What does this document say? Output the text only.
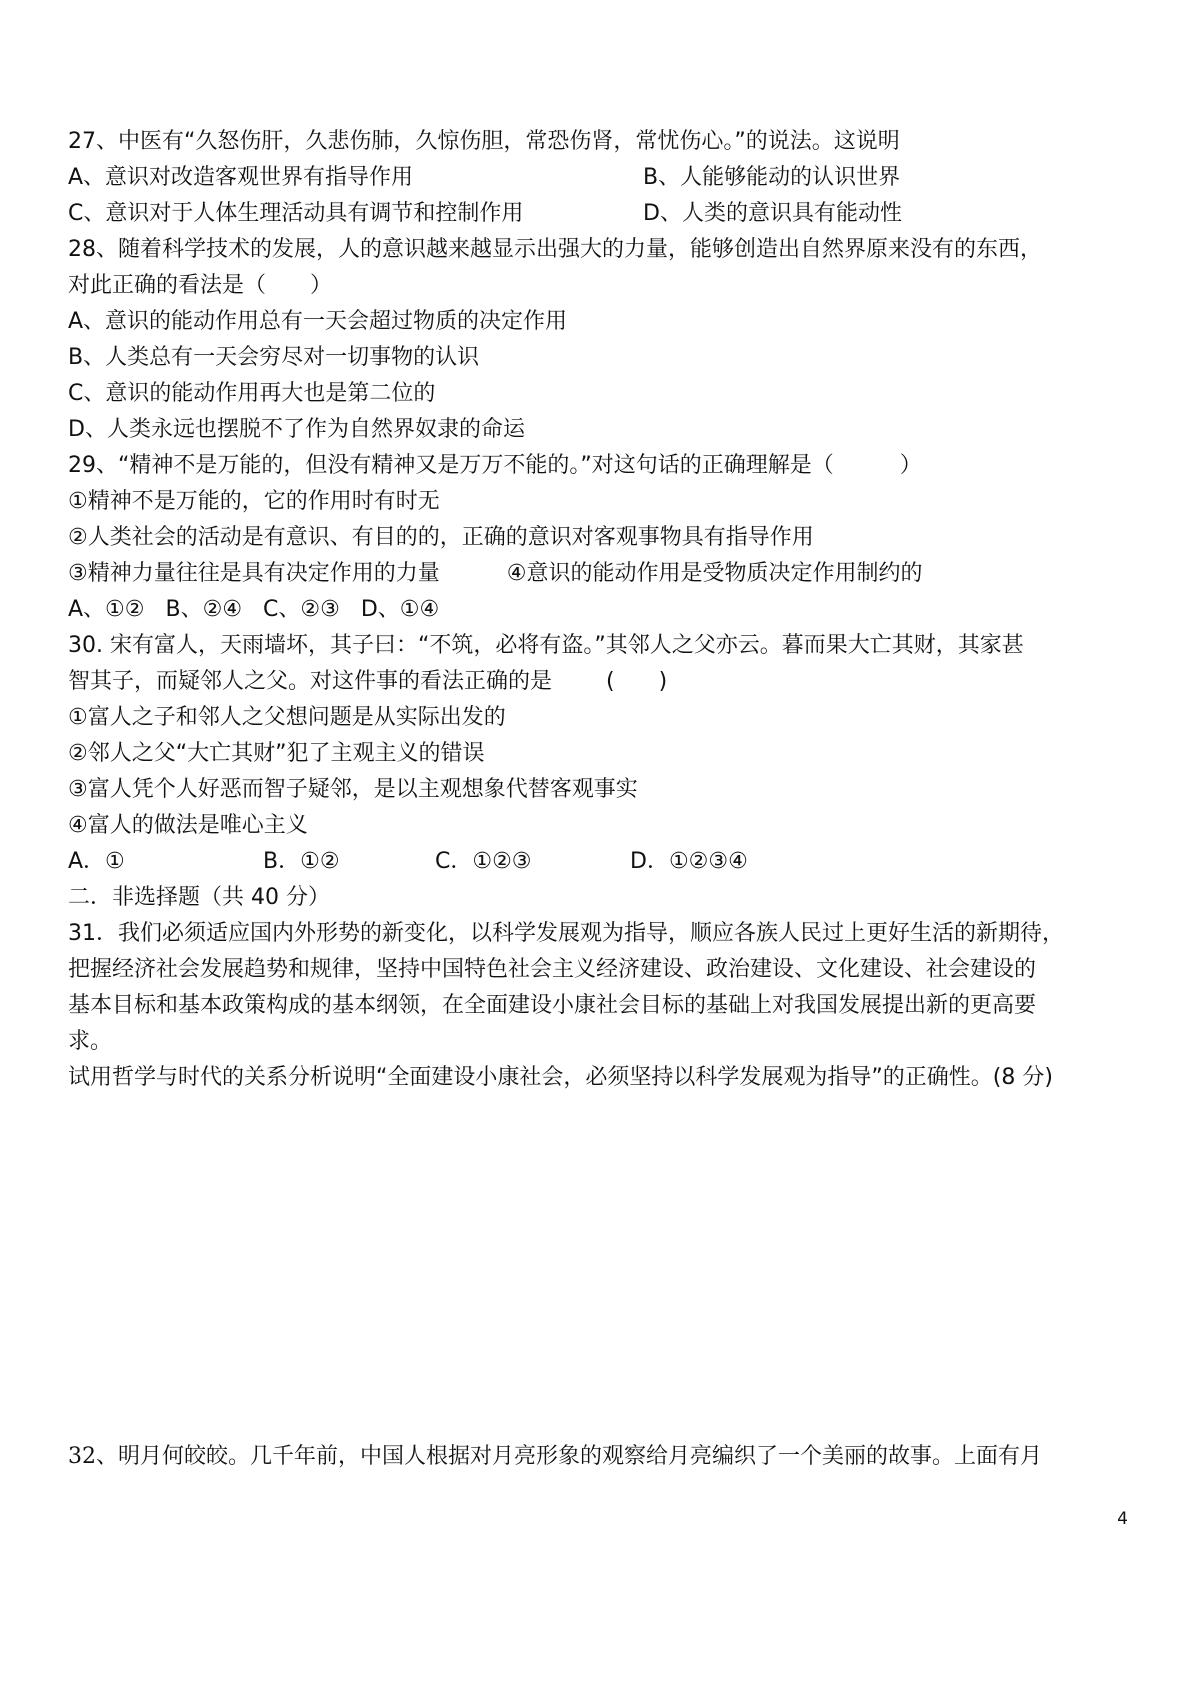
27、中医有“久怒伤肝，久悲伤肺，久惊伤胆，常恐伤肾，常忧伤心。”的说法。这说明
A、意识对改造客观世界有指导作用	B、人能够能动的认识世界
C、意识对于人体生理活动具有调节和控制作用	D、人类的意识具有能动性
28、随着科学技术的发展，人的意识越来越显示出强大的力量，能够创造出自然界原来没有的东西，
对此正确的看法是（　　）
A、意识的能动作用总有一天会超过物质的决定作用
B、人类总有一天会穷尽对一切事物的认识
C、意识的能动作用再大也是第二位的
D、人类永远也摆脱不了作为自然界奴隶的命运
29、“精神不是万能的，但没有精神又是万万不能的。”对这句话的正确理解是（　　　）
①精神不是万能的，它的作用时有时无
②人类社会的活动是有意识、有目的的，正确的意识对客观事物具有指导作用
③精神力量往往是具有决定作用的力量	④意识的能动作用是受物质决定作用制约的
A、①② B、②④ C、②③ D、①④
30. 宋有富人，天雨墙坏，其子曰：“不筑，必将有盗。”其邻人之父亦云。暮而果大亡其财，其家甚
智其子，而疑邻人之父。对这件事的看法正确的是 (　　)
①富人之子和邻人之父想问题是从实际出发的
②邻人之父“大亡其财”犯了主观主义的错误
③富人凭个人好恶而智子疑邻，是以主观想象代替客观事实
④富人的做法是唯心主义
A．①	B．①②	C．①②③	D．①②③④
二．非选择题（共 40 分）
31．我们必须适应国内外形势的新变化，以科学发展观为指导，顺应各族人民过上更好生活的新期待，
把握经济社会发展趋势和规律，坚持中国特色社会主义经济建设、政治建设、文化建设、社会建设的
基本目标和基本政策构成的基本纲领，在全面建设小康社会目标的基础上对我国发展提出新的更高要
求。
试用哲学与时代的关系分析说明“全面建设小康社会，必须坚持以科学发展观为指导”的正确性。(8 分)
32、明月何皎皎。几千年前，中国人根据对月亮形象的观察给月亮编织了一个美丽的故事。上面有月
4
